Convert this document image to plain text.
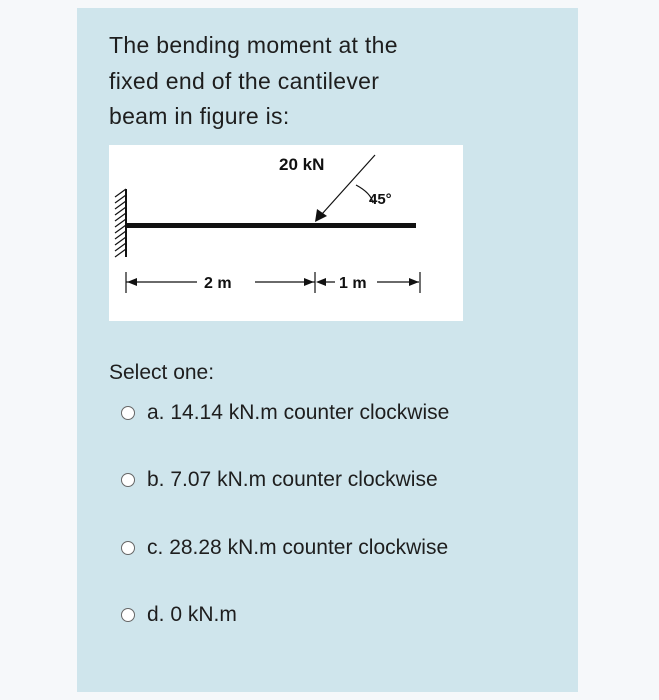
The bending moment at the
fixed end of the cantilever
beam in figure is:
20 kN
45°
2 m	1 m

Select one:

a. 14.14 kN.m counter clockwise
b. 7.07 kN.m counter clockwise
c. 28.28 kN.m counter clockwise
d. 0 kN.m
